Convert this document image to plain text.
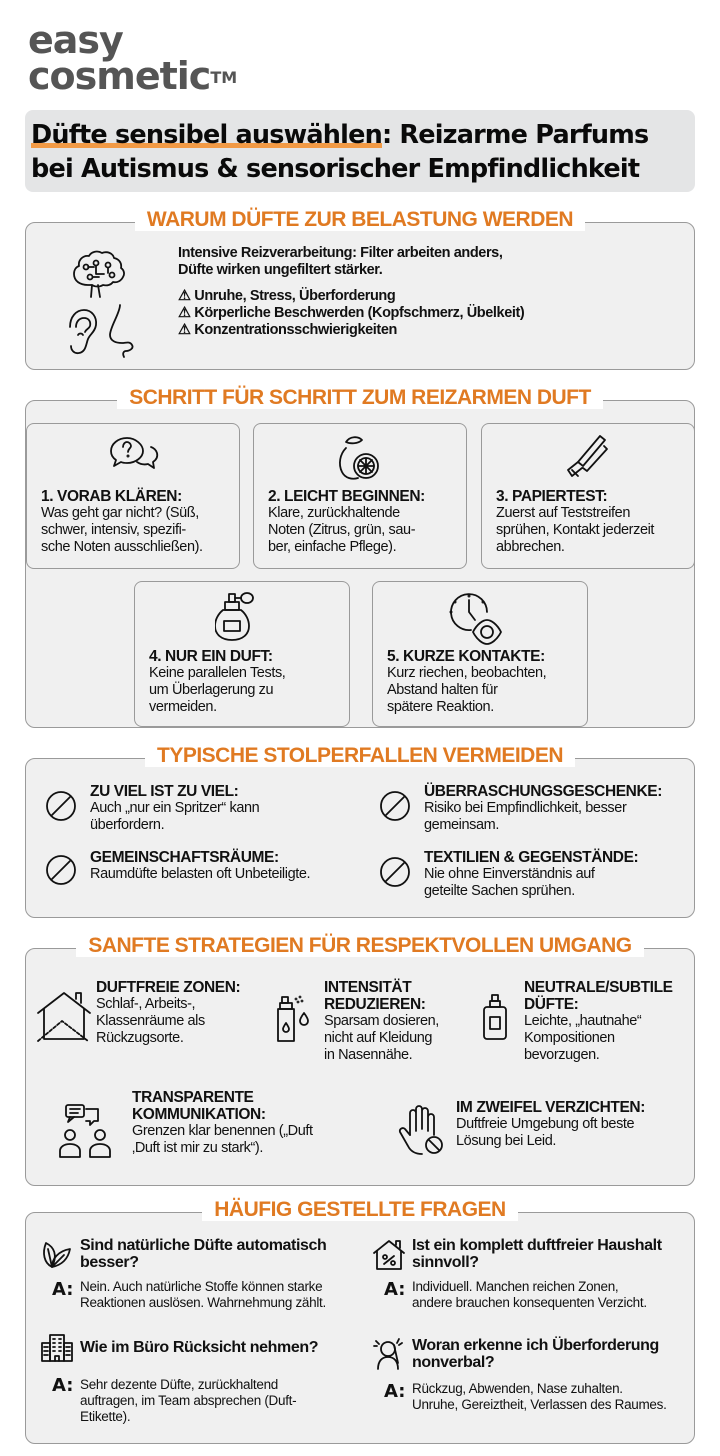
easy
cosmetic™
Düfte sensibel auswählen: Reizarme Parfums
bei Autismus & sensorischer Empfindlichkeit
WARUM DÜFTE ZUR BELASTUNG WERDEN
Intensive Reizverarbeitung: Filter arbeiten anders,
Düfte wirken ungefiltert stärker.
⚠ Unruhe, Stress, Überforderung
⚠ Körperliche Beschwerden (Kopfschmerz, Übelkeit)
⚠ Konzentrationsschwierigkeiten
SCHRITT FÜR SCHRITT ZUM REIZARMEN DUFT
1. VORAB KLÄREN:
Was geht gar nicht? (Süß,
schwer, intensiv, spezifi-
sche Noten ausschließen).
2. LEICHT BEGINNEN:
Klare, zurückhaltende
Noten (Zitrus, grün, sau-
ber, einfache Pflege).
3. PAPIERTEST:
Zuerst auf Teststreifen
sprühen, Kontakt jederzeit
abbrechen.
4. NUR EIN DUFT:
Keine parallelen Tests,
um Überlagerung zu
vermeiden.
5. KURZE KONTAKTE:
Kurz riechen, beobachten,
Abstand halten für
spätere Reaktion.
TYPISCHE STOLPERFALLEN VERMEIDEN
ZU VIEL IST ZU VIEL:
Auch „nur ein Spritzer“ kann
überfordern.
ÜBERRASCHUNGSGESCHENKE:
Risiko bei Empfindlichkeit, besser
gemeinsam.
GEMEINSCHAFTSRÄUME:
Raumdüfte belasten oft Unbeteiligte.
TEXTILIEN & GEGENSTÄNDE:
Nie ohne Einverständnis auf
geteilte Sachen sprühen.
SANFTE STRATEGIEN FÜR RESPEKTVOLLEN UMGANG
DUFTFREIE ZONEN:
Schlaf-, Arbeits-,
Klassenräume als
Rückzugsorte.
INTENSITÄT
REDUZIEREN:
Sparsam dosieren,
nicht auf Kleidung
in Nasennähe.
NEUTRALE/SUBTILE
DÜFTE:
Leichte, „hautnahe“
Kompositionen
bevorzugen.
TRANSPARENTE
KOMMUNIKATION:
Grenzen klar benennen („Duft
‚Duft ist mir zu stark“).
IM ZWEIFEL VERZICHTEN:
Duftfreie Umgebung oft beste
Lösung bei Leid.
HÄUFIG GESTELLTE FRAGEN
Sind natürliche Düfte automatisch
besser?
A: Nein. Auch natürliche Stoffe können starke
Reaktionen auslösen. Wahrnehmung zählt.
Ist ein komplett duftfreier Haushalt
sinnvoll?
A: Individuell. Manchen reichen Zonen,
andere brauchen konsequenten Verzicht.
Wie im Büro Rücksicht nehmen?
A: Sehr dezente Düfte, zurückhaltend
auftragen, im Team absprechen (Duft-
Etikette).
Woran erkenne ich Überforderung
nonverbal?
A: Rückzug, Abwenden, Nase zuhalten.
Unruhe, Gereiztheit, Verlassen des Raumes.
